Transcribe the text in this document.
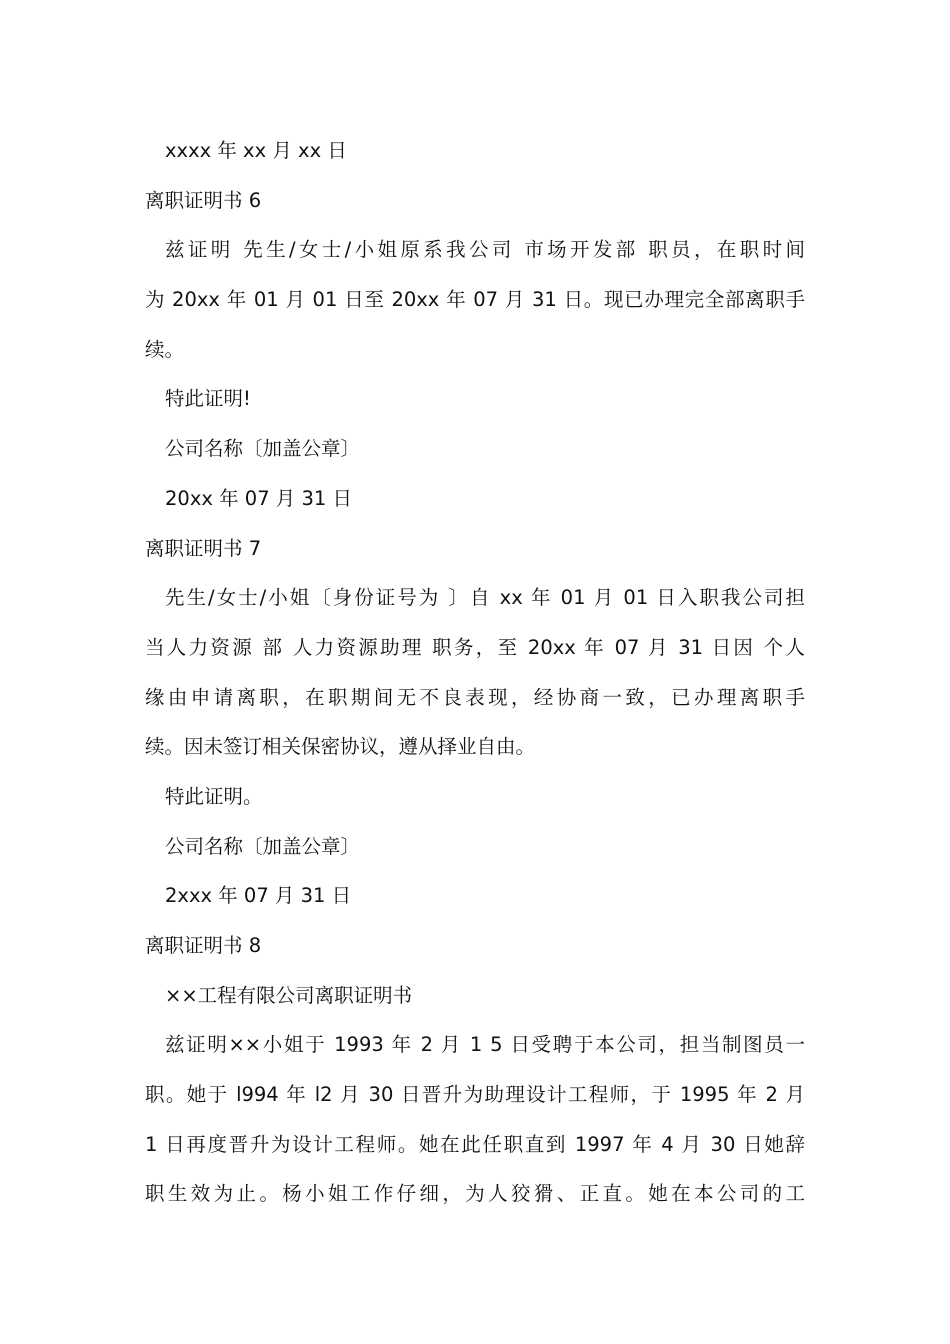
xxxx 年 xx 月 xx 日
离职证明书 6
兹证明 先生/女士/小姐原系我公司 市场开发部 职员，在职时间
为 20xx 年 01 月 01 日至 20xx 年 07 月 31 日。现已办理完全部离职手
续。
特此证明!
公司名称〔加盖公章〕
20xx 年 07 月 31 日
离职证明书 7
先生/女士/小姐〔身份证号为 〕自 xx 年 01 月 01 日入职我公司担
当人力资源 部 人力资源助理 职务，至 20xx 年 07 月 31 日因 个人
缘由申请离职，在职期间无不良表现，经协商一致，已办理离职手
续。因未签订相关保密协议，遵从择业自由。
特此证明。
公司名称〔加盖公章〕
2xxx 年 07 月 31 日
离职证明书 8
××工程有限公司离职证明书
兹证明××小姐于 1993 年 2 月 1 5 日受聘于本公司，担当制图员一
职。她于 l994 年 l2 月 30 日晋升为助理设计工程师，于 1995 年 2 月
1 日再度晋升为设计工程师。她在此任职直到 1997 年 4 月 30 日她辞
职生效为止。杨小姐工作仔细，为人狡猾、正直。她在本公司的工
